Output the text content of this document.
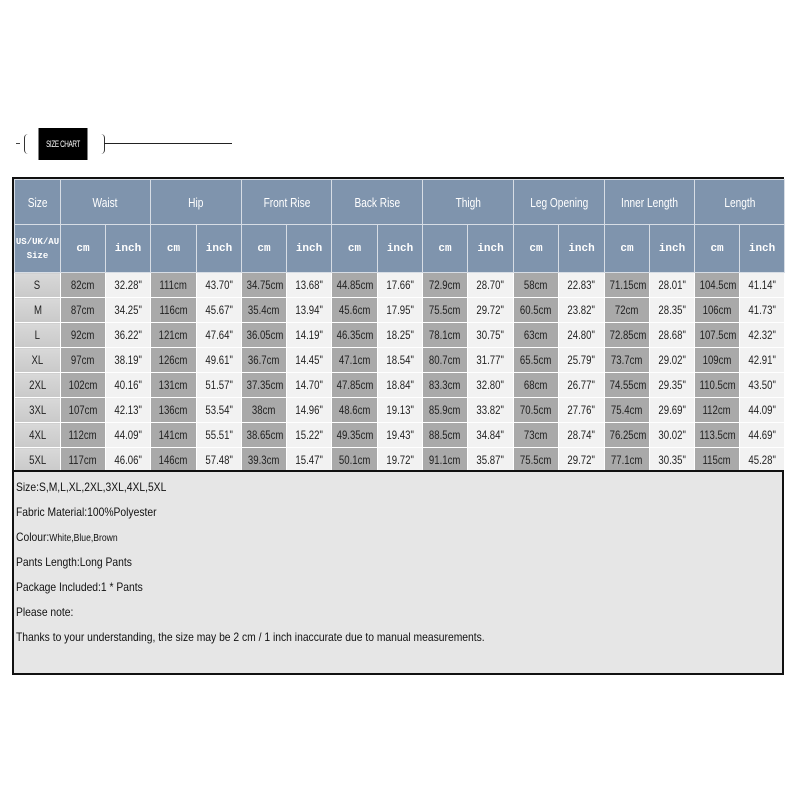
SIZE CHART
Size	Waist		Hip		Front Rise		Back Rise		Thigh		Leg Opening		Inner Length		Length	
US/UK/AU
Size	cm	inch	cm	inch	cm	inch	cm	inch	cm	inch	cm	inch	cm	inch	cm	inch
S	82cm	32.28"	111cm	43.70"	34.75cm	13.68"	44.85cm	17.66"	72.9cm	28.70"	58cm	22.83"	71.15cm	28.01"	104.5cm	41.14"
M	87cm	34.25"	116cm	45.67"	35.4cm	13.94"	45.6cm	17.95"	75.5cm	29.72"	60.5cm	23.82"	72cm	28.35"	106cm	41.73"
L	92cm	36.22"	121cm	47.64"	36.05cm	14.19"	46.35cm	18.25"	78.1cm	30.75"	63cm	24.80"	72.85cm	28.68"	107.5cm	42.32"
XL	97cm	38.19"	126cm	49.61"	36.7cm	14.45"	47.1cm	18.54"	80.7cm	31.77"	65.5cm	25.79"	73.7cm	29.02"	109cm	42.91"
2XL	102cm	40.16"	131cm	51.57"	37.35cm	14.70"	47.85cm	18.84"	83.3cm	32.80"	68cm	26.77"	74.55cm	29.35"	110.5cm	43.50"
3XL	107cm	42.13"	136cm	53.54"	38cm	14.96"	48.6cm	19.13"	85.9cm	33.82"	70.5cm	27.76"	75.4cm	29.69"	112cm	44.09"
4XL	112cm	44.09"	141cm	55.51"	38.65cm	15.22"	49.35cm	19.43"	88.5cm	34.84"	73cm	28.74"	76.25cm	30.02"	113.5cm	44.69"
5XL	117cm	46.06"	146cm	57.48"	39.3cm	15.47"	50.1cm	19.72"	91.1cm	35.87"	75.5cm	29.72"	77.1cm	30.35"	115cm	45.28"
Size:S,M,L,XL,2XL,3XL,4XL,5XL
Fabric Material:100%Polyester
Colour:White,Blue,Brown
Pants Length:Long Pants
Package Included:1 * Pants
Please note:
Thanks to your understanding, the size may be 2 cm / 1 inch inaccurate due to manual measurements.
